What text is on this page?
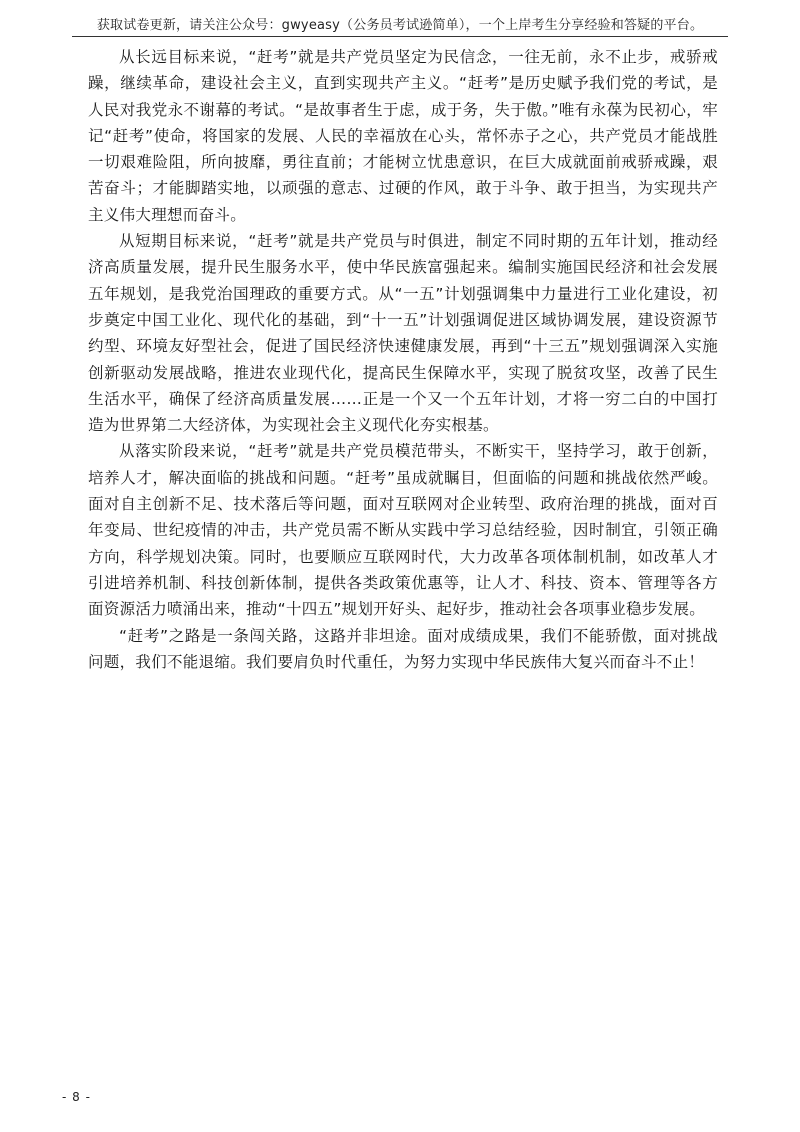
获取试卷更新，请关注公众号：gwyeasy（公务员考试逊简单），一个上岸考生分享经验和答疑的平台。

从长远目标来说，“赶考”就是共产党员坚定为民信念，一往无前，永不止步，戒骄戒躁，继续革命，建设社会主义，直到实现共产主义。“赶考”是历史赋予我们党的考试，是人民对我党永不谢幕的考试。“是故事者生于虑，成于务，失于傲。”唯有永葆为民初心，牢记“赶考”使命，将国家的发展、人民的幸福放在心头，常怀赤子之心，共产党员才能战胜一切艰难险阻，所向披靡，勇往直前；才能树立忧患意识，在巨大成就面前戒骄戒躁，艰苦奋斗；才能脚踏实地，以顽强的意志、过硬的作风，敢于斗争、敢于担当，为实现共产主义伟大理想而奋斗。

从短期目标来说，“赶考”就是共产党员与时俱进，制定不同时期的五年计划，推动经济高质量发展，提升民生服务水平，使中华民族富强起来。编制实施国民经济和社会发展五年规划，是我党治国理政的重要方式。从“一五”计划强调集中力量进行工业化建设，初步奠定中国工业化、现代化的基础，到“十一五”计划强调促进区域协调发展，建设资源节约型、环境友好型社会，促进了国民经济快速健康发展，再到“十三五”规划强调深入实施创新驱动发展战略，推进农业现代化，提高民生保障水平，实现了脱贫攻坚，改善了民生生活水平，确保了经济高质量发展……正是一个又一个五年计划，才将一穷二白的中国打造为世界第二大经济体，为实现社会主义现代化夯实根基。

从落实阶段来说，“赶考”就是共产党员模范带头，不断实干，坚持学习，敢于创新，培养人才，解决面临的挑战和问题。“赶考”虽成就瞩目，但面临的问题和挑战依然严峻。面对自主创新不足、技术落后等问题，面对互联网对企业转型、政府治理的挑战，面对百年变局、世纪疫情的冲击，共产党员需不断从实践中学习总结经验，因时制宜，引领正确方向，科学规划决策。同时，也要顺应互联网时代，大力改革各项体制机制，如改革人才引进培养机制、科技创新体制，提供各类政策优惠等，让人才、科技、资本、管理等各方面资源活力喷涌出来，推动“十四五”规划开好头、起好步，推动社会各项事业稳步发展。

“赶考”之路是一条闯关路，这路并非坦途。面对成绩成果，我们不能骄傲，面对挑战问题，我们不能退缩。我们要肩负时代重任，为努力实现中华民族伟大复兴而奋斗不止！

- 8 -
